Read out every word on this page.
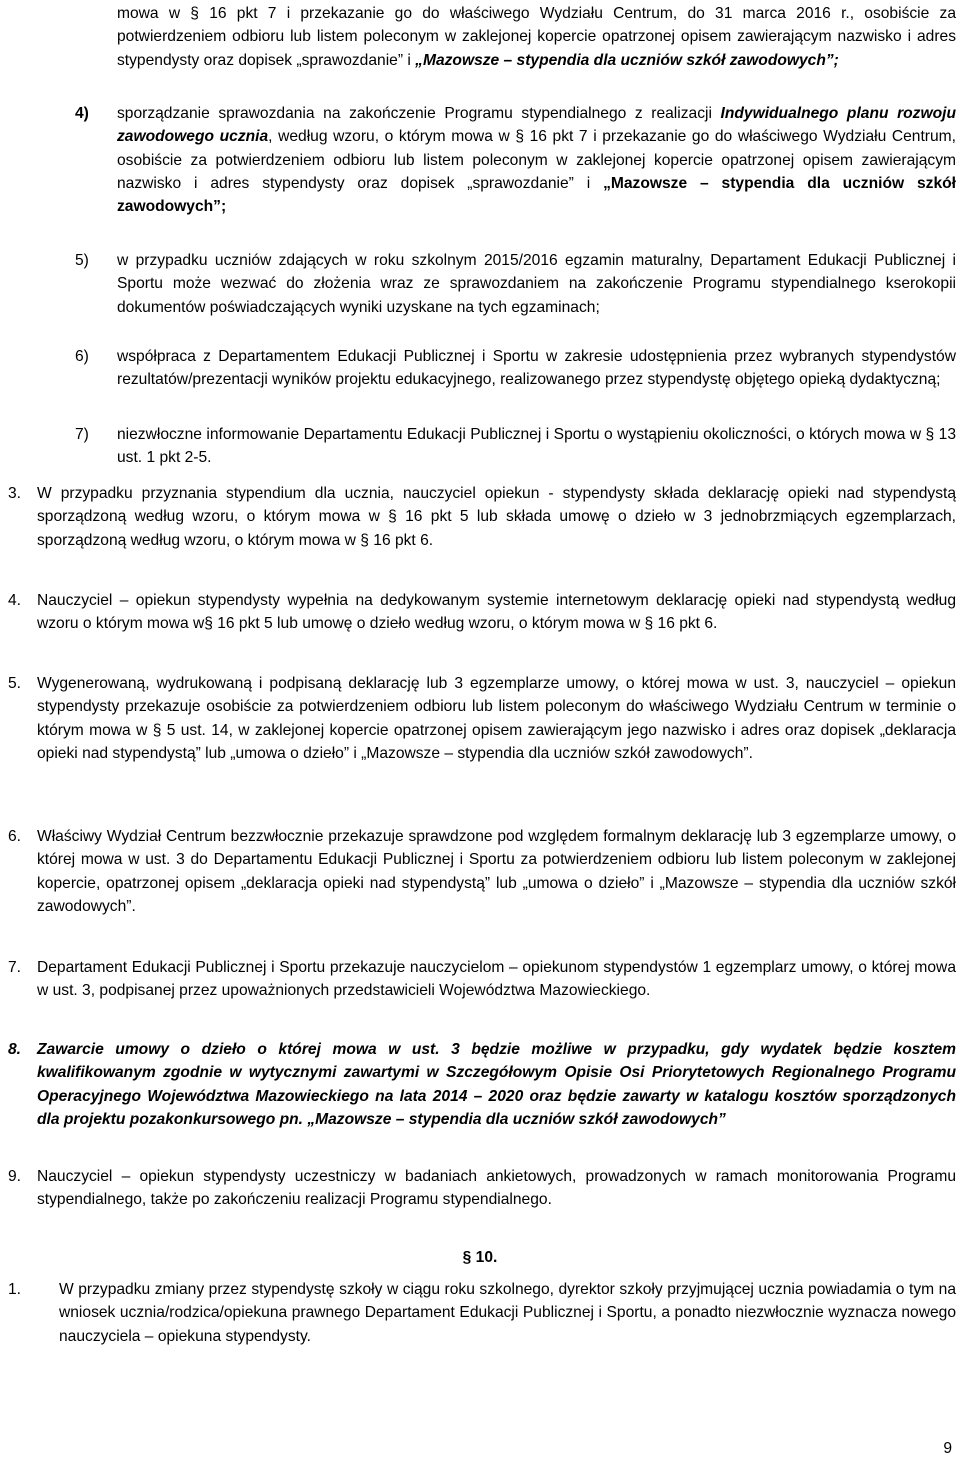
mowa w § 16 pkt 7 i przekazanie go do właściwego Wydziału Centrum, do 31 marca 2016 r., osobiście za potwierdzeniem odbioru lub listem poleconym w zaklejonej kopercie opatrzonej opisem zawierającym nazwisko i adres stypendysty oraz dopisek „sprawozdanie” i „Mazowsze – stypendia dla uczniów szkół zawodowych”;

4) sporządzanie sprawozdania na zakończenie Programu stypendialnego z realizacji Indywidualnego planu rozwoju zawodowego ucznia, według wzoru, o którym mowa w § 16 pkt 7 i przekazanie go do właściwego Wydziału Centrum, osobiście za potwierdzeniem odbioru lub listem poleconym w zaklejonej kopercie opatrzonej opisem zawierającym nazwisko i adres stypendysty oraz dopisek „sprawozdanie” i „Mazowsze – stypendia dla uczniów szkół zawodowych”;

5) w przypadku uczniów zdających w roku szkolnym 2015/2016 egzamin maturalny, Departament Edukacji Publicznej i Sportu może wezwać do złożenia wraz ze sprawozdaniem na zakończenie Programu stypendialnego kserokopii dokumentów poświadczających wyniki uzyskane na tych egzaminach;

6) współpraca z Departamentem Edukacji Publicznej i Sportu w zakresie udostępnienia przez wybranych stypendystów rezultatów/prezentacji wyników projektu edukacyjnego, realizowanego przez stypendystę objętego opieką dydaktyczną;

7) niezwłoczne informowanie Departamentu Edukacji Publicznej i Sportu o wystąpieniu okoliczności, o których mowa w § 13 ust. 1 pkt 2-5.

3. W przypadku przyznania stypendium dla ucznia, nauczyciel opiekun - stypendysty składa deklarację opieki nad stypendystą sporządzoną według wzoru, o którym mowa w § 16 pkt 5 lub składa umowę o dzieło w 3 jednobrzmiących egzemplarzach, sporządzoną według wzoru, o którym mowa w § 16 pkt 6.

4. Nauczyciel – opiekun stypendysty wypełnia na dedykowanym systemie internetowym deklarację opieki nad stypendystą według wzoru o którym mowa w§ 16 pkt 5 lub umowę o dzieło według wzoru, o którym mowa w § 16 pkt 6.

5. Wygenerowaną, wydrukowaną i podpisaną deklarację lub 3 egzemplarze umowy, o której mowa w ust. 3, nauczyciel – opiekun stypendysty przekazuje osobiście za potwierdzeniem odbioru lub listem poleconym do właściwego Wydziału Centrum w terminie o którym mowa w § 5 ust. 14, w zaklejonej kopercie opatrzonej opisem zawierającym jego nazwisko i adres oraz dopisek „deklaracja opieki nad stypendystą” lub „umowa o dzieło” i „Mazowsze – stypendia dla uczniów szkół zawodowych”.

6. Właściwy Wydział Centrum bezzwłocznie przekazuje sprawdzone pod względem formalnym deklarację lub 3 egzemplarze umowy, o której mowa w ust. 3 do Departamentu Edukacji Publicznej i Sportu za potwierdzeniem odbioru lub listem poleconym w zaklejonej kopercie, opatrzonej opisem „deklaracja opieki nad stypendystą” lub „umowa o dzieło” i „Mazowsze – stypendia dla uczniów szkół zawodowych”.

7. Departament Edukacji Publicznej i Sportu przekazuje nauczycielom – opiekunom stypendystów 1 egzemplarz umowy, o której mowa w ust. 3, podpisanej przez upoważnionych przedstawicieli Województwa Mazowieckiego.

8. Zawarcie umowy o dzieło o której mowa w ust. 3 będzie możliwe w przypadku, gdy wydatek będzie kosztem kwalifikowanym zgodnie w wytycznymi zawartymi w Szczegółowym Opisie Osi Priorytetowych Regionalnego Programu Operacyjnego Województwa Mazowieckiego na lata 2014 – 2020 oraz będzie zawarty w katalogu kosztów sporządzonych dla projektu pozakonkursowego pn. „Mazowsze – stypendia dla uczniów szkół zawodowych”

9. Nauczyciel – opiekun stypendysty uczestniczy w badaniach ankietowych, prowadzonych w ramach monitorowania Programu stypendialnego, także po zakończeniu realizacji Programu stypendialnego.

§ 10.

1. W przypadku zmiany przez stypendystę szkoły w ciągu roku szkolnego, dyrektor szkoły przyjmującej ucznia powiadamia o tym na wniosek ucznia/rodzica/opiekuna prawnego Departament Edukacji Publicznej i Sportu, a ponadto niezwłocznie wyznacza nowego nauczyciela – opiekuna stypendysty.

9
